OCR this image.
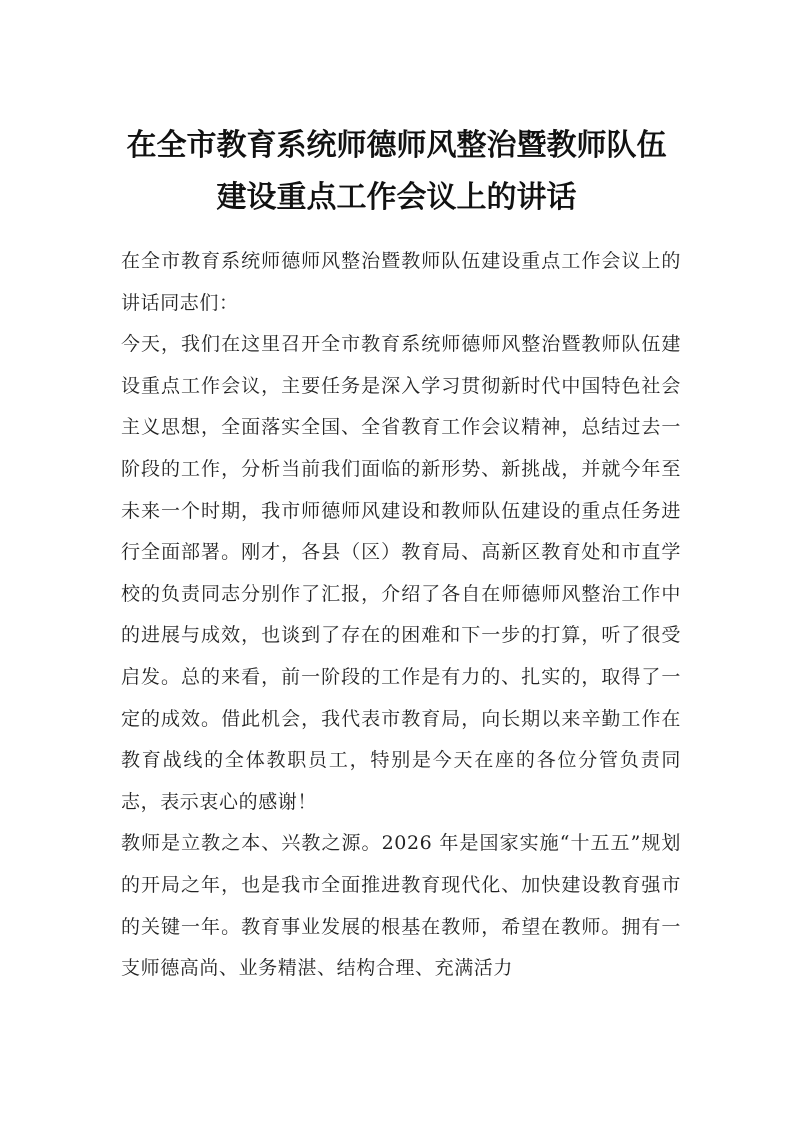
在全市教育系统师德师风整治暨教师队伍
建设重点工作会议上的讲话

在全市教育系统师德师风整治暨教师队伍建设重点工作会议上的讲话同志们：

今天，我们在这里召开全市教育系统师德师风整治暨教师队伍建设重点工作会议，主要任务是深入学习贯彻新时代中国特色社会主义思想，全面落实全国、全省教育工作会议精神，总结过去一阶段的工作，分析当前我们面临的新形势、新挑战，并就今年至未来一个时期，我市师德师风建设和教师队伍建设的重点任务进行全面部署。刚才，各县（区）教育局、高新区教育处和市直学校的负责同志分别作了汇报，介绍了各自在师德师风整治工作中的进展与成效，也谈到了存在的困难和下一步的打算，听了很受启发。总的来看，前一阶段的工作是有力的、扎实的，取得了一定的成效。借此机会，我代表市教育局，向长期以来辛勤工作在教育战线的全体教职员工，特别是今天在座的各位分管负责同志，表示衷心的感谢！

教师是立教之本、兴教之源。2026 年是国家实施“十五五”规划的开局之年，也是我市全面推进教育现代化、加快建设教育强市的关键一年。教育事业发展的根基在教师，希望在教师。拥有一支师德高尚、业务精湛、结构合理、充满活力
